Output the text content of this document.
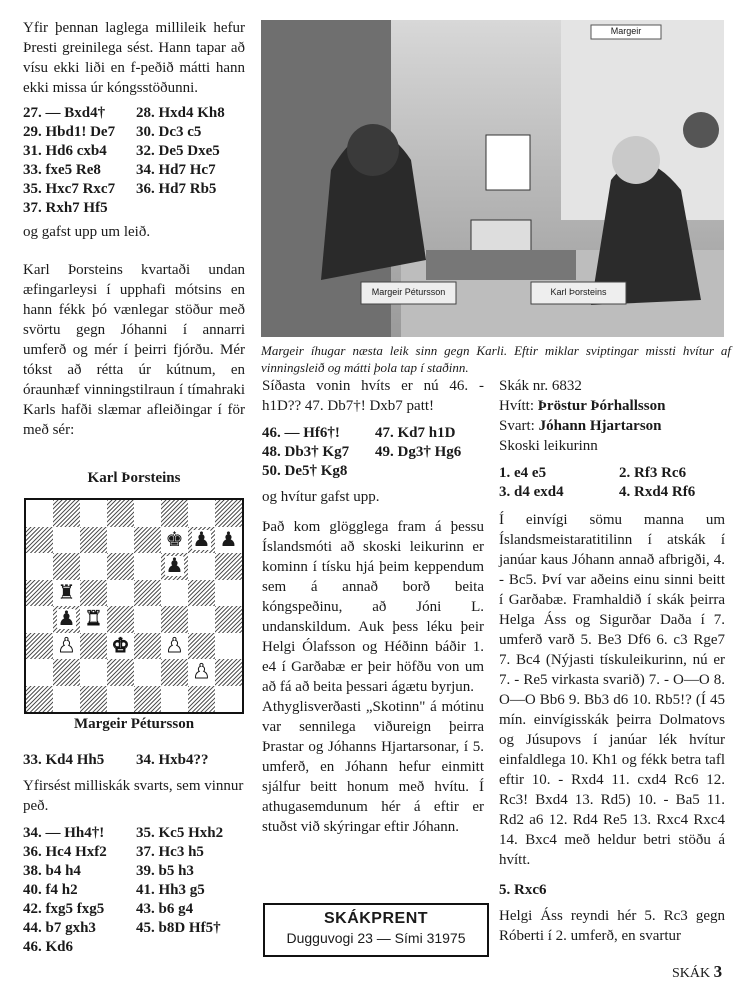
Yfir þennan laglega millileik hefur Þresti greinilega sést. Hann tapar að vísu ekki liði en f-peðið mátti hann ekki missa úr kóngsstöðunni.

27. — Bxd4†	28. Hxd4 Kh8
29. Hbd1! De7	30. Dc3 c5
31. Hd6 cxb4	32. De5 Dxe5
33. fxe5 Re8	34. Hd7 Hc7
35. Hxc7 Rxc7	36. Hd7 Rb5
37. Rxh7 Hf5

og gafst upp um leið.

Karl Þorsteins kvartaði undan æfingarleysi í upphafi mótsins en hann fékk þó vænlegar stöður með svörtu gegn Jóhanni í annarri umferð og mér í þeirri fjórðu. Mér tókst að rétta úr kútnum, en óraunhæf vinningstilraun í tímahraki Karls hafði slæmar afleiðingar í för með sér:

Karl Þorsteins
♚ ♟ ♟
♟
♜
♟ ♜
♟ ♚ ♟
♟
Margeir Pétursson
33. Kd4 Hh5	34. Hxb4??

Yfirsést milliskák svarts, sem vinnur peð.

34. — Hh4†!	35. Kc5 Hxh2
36. Hc4 Hxf2	37. Hc3 h5
38. b4 h4	39. b5 h3
40. f4 h2	41. Hh3 g5
42. fxg5 fxg5	43. b6 g4
44. b7 gxh3	45. b8D Hf5†
46. Kd6
Margeir
Margeir Pétursson	Karl Þorsteins

Margeir íhugar næsta leik sinn gegn Karli. Eftir miklar sviptingar missti hvítur af vinningsleið og mátti þola tap í staðinn.

Síðasta vonin hvíts er nú 46. - h1D?? 47. Db7†! Dxb7 patt!

46. — Hf6†!	47. Kd7 h1D
48. Db3† Kg7	49. Dg3† Hg6
50. De5† Kg8

og hvítur gafst upp.

Það kom glögglega fram á þessu Íslandsmóti að skoski leikurinn er kominn í tísku hjá þeim keppendum sem á annað borð beita kóngspeðinu, að Jóni L. undanskildum. Auk þess léku þeir Helgi Ólafsson og Héðinn báðir 1. e4 í Garðabæ er þeir höfðu von um að fá að beita þessari ágætu byrjun.

Athyglisverðasti „Skotinn" á mótinu var sennilega viðureign þeirra Þrastar og Jóhanns Hjartarsonar, í 5. umferð, en Jóhann hefur einmitt sjálfur beitt honum með hvítu. Í athugasemdunum hér á eftir er stuðst við skýringar eftir Jóhann.

SKÁKPRENT
Dugguvogi 23 — Sími 31975

Skák nr. 6832

Hvítt: Þröstur Þórhallsson

Svart: Jóhann Hjartarson

Skoski leikurinn

1. e4 e5	2. Rf3 Rc6
3. d4 exd4	4. Rxd4 Rf6

Í einvígi sömu manna um Íslandsmeistaratitilinn í atskák í janúar kaus Jóhann annað afbrigði, 4. - Bc5. Því var aðeins einu sinni beitt í Garðabæ. Framhaldið í skák þeirra Helga Áss og Sigurðar Daða í 7. umferð varð 5. Be3 Df6 6. c3 Rge7 7. Bc4 (Nýjasti tískuleikurinn, nú er 7. - Re5 virkasta svarið) 7. - O—O 8. O—O Bb6 9. Bb3 d6 10. Rb5!? (Í 45 mín. einvígisskák þeirra Dolmatovs og Júsupovs í janúar lék hvítur einfaldlega 10. Kh1 og fékk betra tafl eftir 10. - Rxd4 11. cxd4 Rc6 12. Rc3! Bxd4 13. Rd5) 10. - Ba5 11. Rd2 a6 12. Rd4 Re5 13. Rxc4 Rxc4 14. Bxc4 með heldur betri stöðu á hvítt.

5. Rxc6

Helgi Áss reyndi hér 5. Rc3 gegn Róberti í 2. umferð, en svartur

SKÁK 3
